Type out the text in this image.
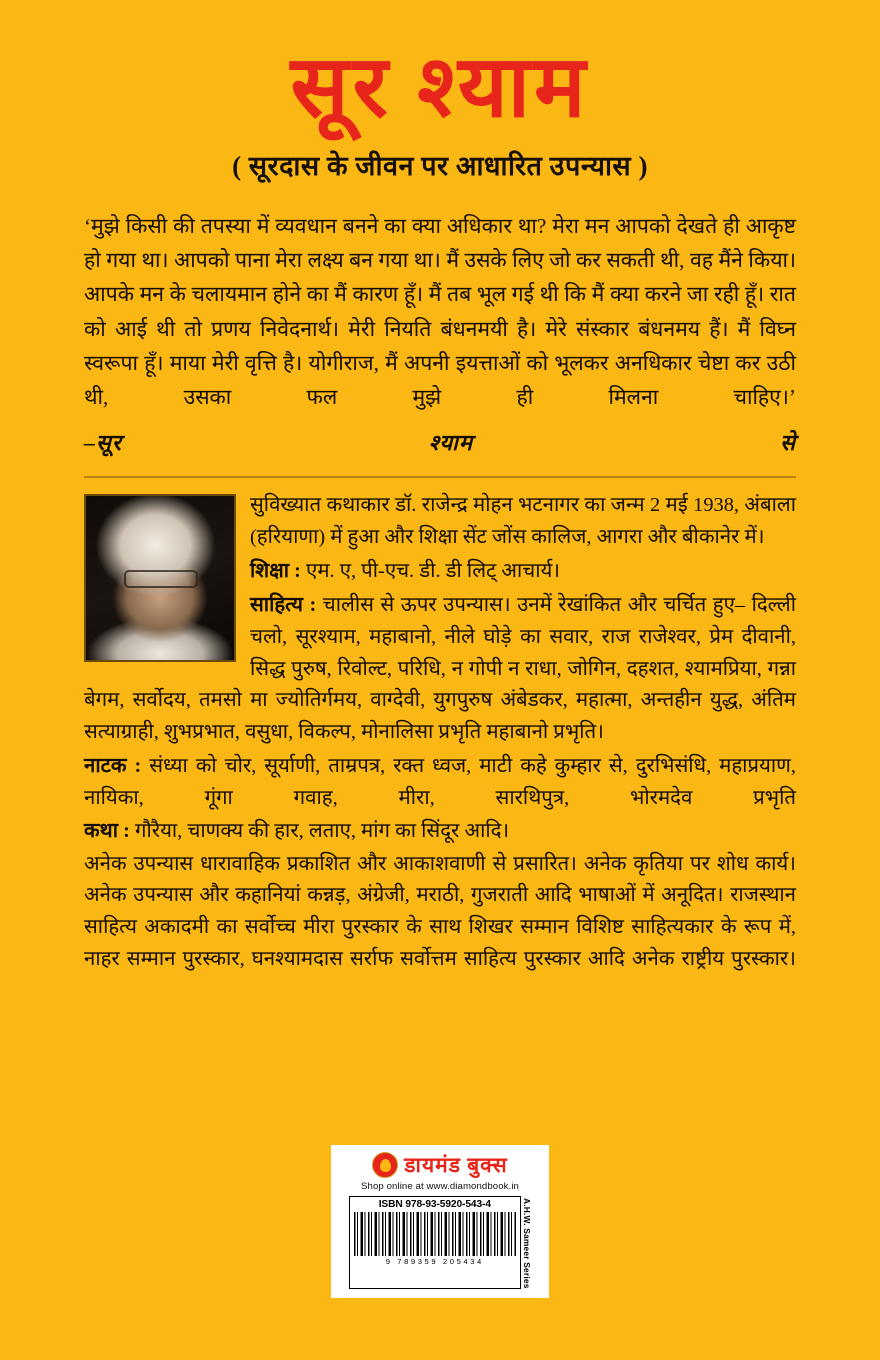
सूर श्याम
( सूरदास के जीवन पर आधारित उपन्यास )

‘मुझे किसी की तपस्या में व्यवधान बनने का क्या अधिकार था? मेरा मन आपको देखते ही आकृष्ट हो गया था। आपको पाना मेरा लक्ष्य बन गया था। मैं उसके लिए जो कर सकती थी, वह मैंने किया। आपके मन के चलायमान होने का मैं कारण हूँ। मैं तब भूल गई थी कि मैं क्या करने जा रही हूँ। रात को आई थी तो प्रणय निवेदनार्थ। मेरी नियति बंधनमयी है। मेरे संस्कार बंधनमय हैं। मैं विघ्न स्वरूपा हूँ। माया मेरी वृत्ति है। योगीराज, मैं अपनी इयत्ताओं को भूलकर अनधिकार चेष्टा कर उठी थी, उसका फल मुझे ही मिलना चाहिए।’

–सूर श्याम से

सुविख्यात कथाकार डॉ. राजेन्द्र मोहन भटनागर का जन्म 2 मई 1938, अंबाला (हरियाणा) में हुआ और शिक्षा सेंट जोंस कालिज, आगरा और बीकानेर में।

शिक्षा : एम. ए, पी-एच. डी. डी लिट् आचार्य।

साहित्य : चालीस से ऊपर उपन्यास। उनमें रेखांकित और चर्चित हुए– दिल्ली चलो, सूरश्याम, महाबानो, नीले घोड़े का सवार, राज राजेश्वर, प्रेम दीवानी, सिद्ध पुरुष, रिवोल्ट, परिधि, न गोपी न राधा, जोगिन, दहशत, श्यामप्रिया, गन्ना बेगम, सर्वोदय, तमसो मा ज्योतिर्गमय, वाग्देवी, युगपुरुष अंबेडकर, महात्मा, अन्तहीन युद्ध, अंतिम सत्याग्राही, शुभप्रभात, वसुधा, विकल्प, मोनालिसा प्रभृति महाबानो प्रभृति।

नाटक : संध्या को चोर, सूर्याणी, ताम्रपत्र, रक्त ध्वज, माटी कहे कुम्हार से, दुरभिसंधि, महाप्रयाण, नायिका, गूंगा गवाह, मीरा, सारथिपुत्र, भोरमदेव प्रभृति

कथा : गौरैया, चाणक्य की हार, लताए, मांग का सिंदूर आदि।

अनेक उपन्यास धारावाहिक प्रकाशित और आकाशवाणी से प्रसारित। अनेक कृतिया पर शोध कार्य। अनेक उपन्यास और कहानियां कन्नड़, अंग्रेजी, मराठी, गुजराती आदि भाषाओं में अनूदित। राजस्थान साहित्य अकादमी का सर्वोच्च मीरा पुरस्कार के साथ शिखर सम्मान विशिष्ट साहित्यकार के रूप में, नाहर सम्मान पुरस्कार, घनश्यामदास सर्राफ सर्वोत्तम साहित्य पुरस्कार आदि अनेक राष्ट्रीय पुरस्कार।

डायमंड बुक्स
Shop online at www.diamondbook.in
ISBN 978-93-5920-543-4
9 789359 205434	A.H.W. Sameer Series
